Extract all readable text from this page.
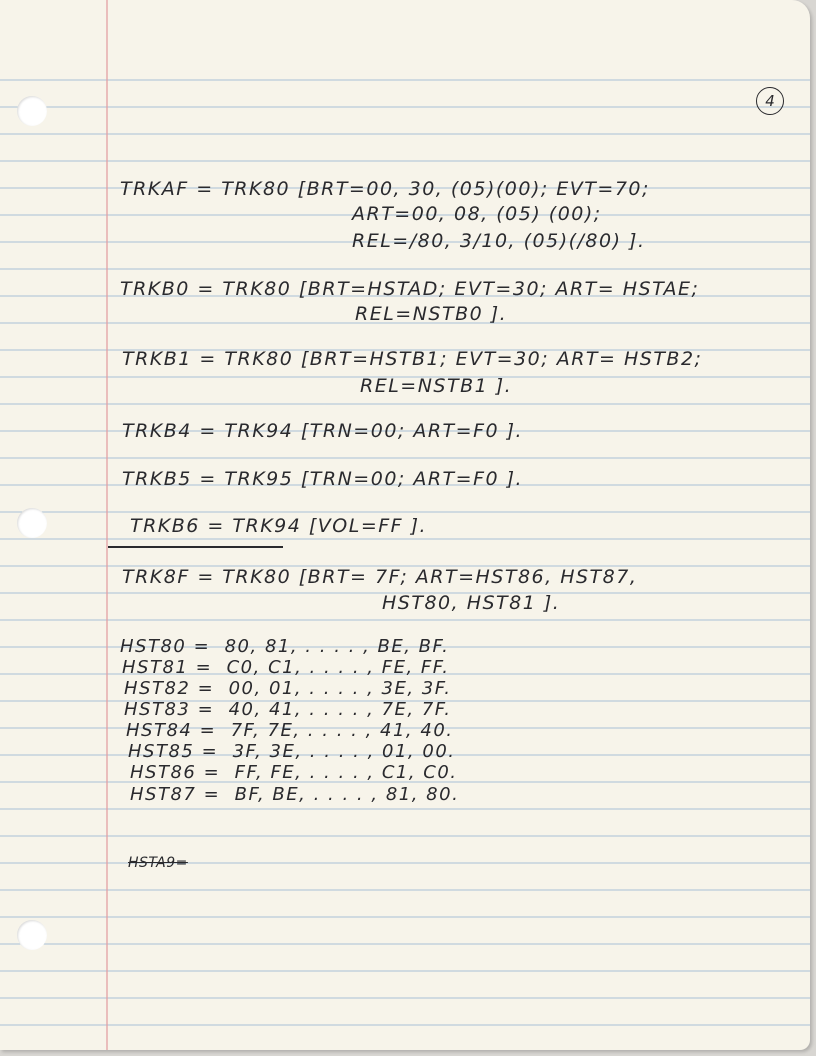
4
TRKAF = TRK80 [BRT=00, 30, (05)(00); EVT=70;
ART=00, 08, (05) (00);
REL=/80, 3/10, (05)(/80) ].
TRKB0 = TRK80 [BRT=HSTAD; EVT=30; ART= HSTAE;
REL=NSTB0 ].
TRKB1 = TRK80 [BRT=HSTB1; EVT=30; ART= HSTB2;
REL=NSTB1 ].
TRKB4 = TRK94 [TRN=00; ART=F0 ].
TRKB5 = TRK95 [TRN=00; ART=F0 ].
TRKB6 = TRK94 [VOL=FF ].
TRK8F = TRK80 [BRT= 7F; ART=HST86, HST87,
HST80, HST81 ].
HST80 =  80, 81, . . . . , BE, BF.
HST81 =  C0, C1, . . . . , FE, FF.
HST82 =  00, 01, . . . . , 3E, 3F.
HST83 =  40, 41, . . . . , 7E, 7F.
HST84 =  7F, 7E, . . . . , 41, 40.
HST85 =  3F, 3E, . . . . , 01, 00.
HST86 =  FF, FE, . . . . , C1, C0.
HST87 =  BF, BE, . . . . , 81, 80.
HSTA9=
